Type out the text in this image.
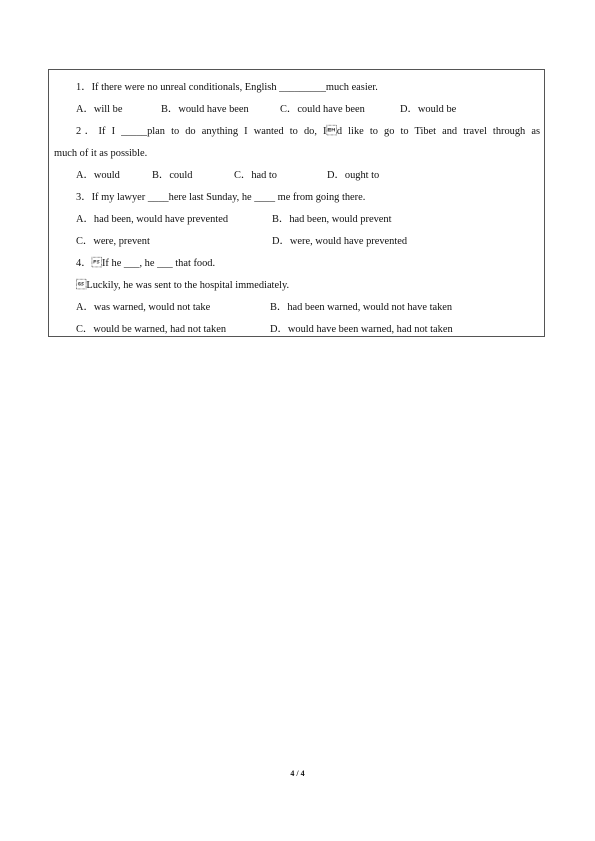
1．If there were no unreal conditionals, English _________much easier.
A．will be	B．would have been	C．could have been	D．would be
2．If I _____plan to do anything I wanted to do, Id like to go to Tibet and travel through as
much of it as possible.
A．would	B．could	C．had to	D．ought to
3．If my lawyer ____here last Sunday, he ____ me from going there.
A．had been, would have prevented	B．had been, would prevent
C．were, prevent	D．were, would have prevented
4．If he ___, he ___ that food.
Luckily, he was sent to the hospital immediately.
A．was warned, would not take	B．had been warned, would not have taken
C．would be warned, had not taken	D．would have been warned, had not taken
4 / 4
